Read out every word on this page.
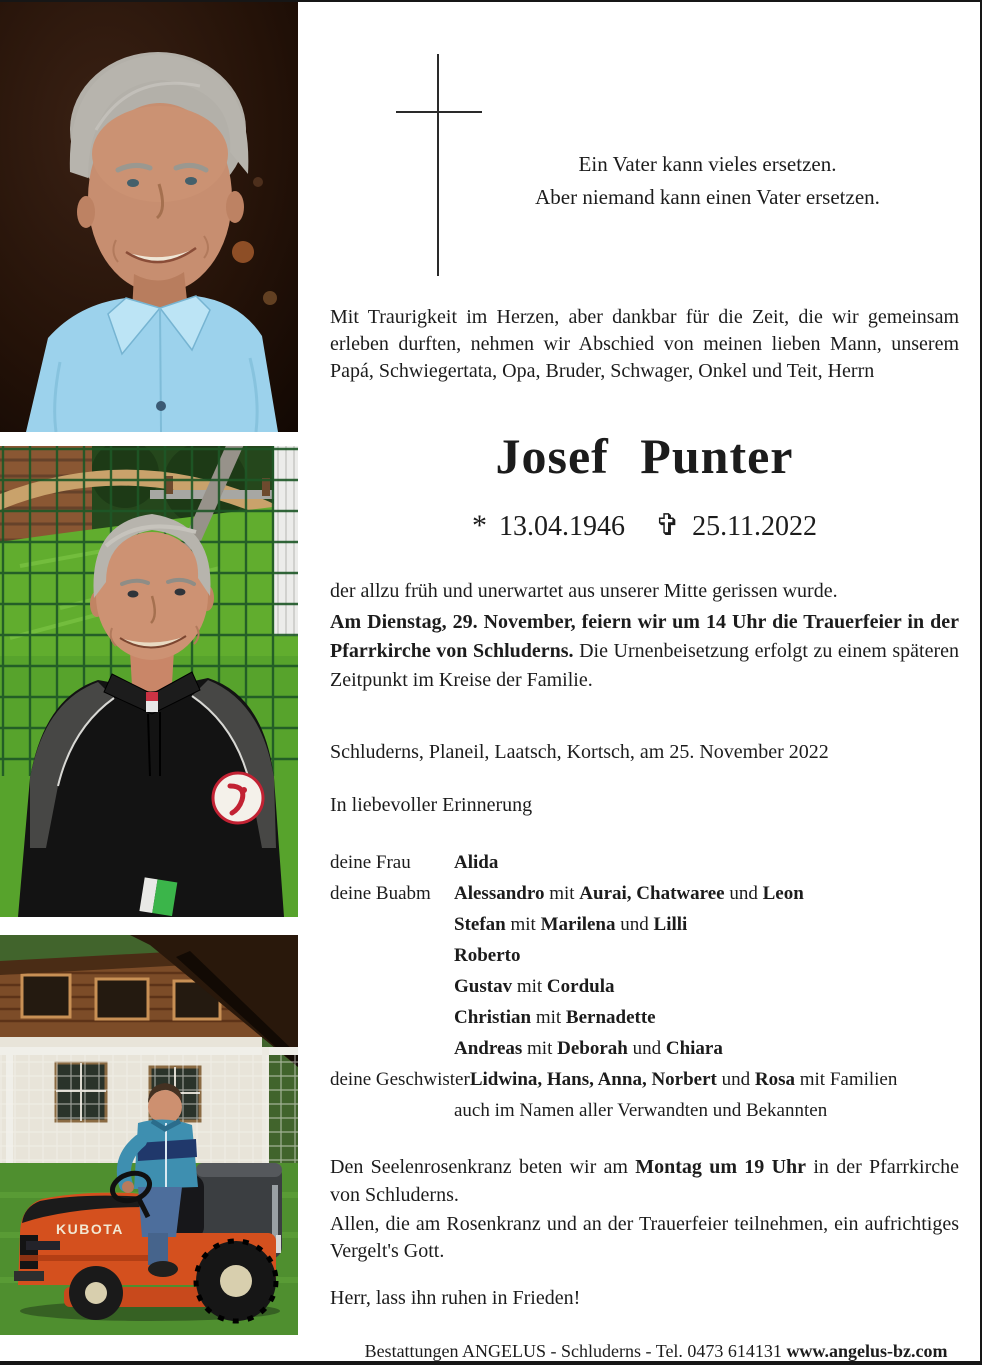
KUBOTA
Ein Vater kann vieles ersetzen.
Aber niemand kann einen Vater ersetzen.
Mit Traurigkeit im Herzen, aber dankbar für die Zeit, die wir gemeinsam erleben durften, nehmen wir Abschied von meinen lieben Mann, unserem Papá, Schwiegertata, Opa, Bruder, Schwager, Onkel und Teit, Herrn
Josef Punter
* 13.04.1946 ✞ 25.11.2022
der allzu früh und unerwartet aus unserer Mitte gerissen wurde.
Am Dienstag, 29. November, feiern wir um 14 Uhr die Trauerfeier in der Pfarrkirche von Schluderns. Die Urnenbeisetzung erfolgt zu einem späteren Zeitpunkt im Kreise der Familie.
Schluderns, Planeil, Laatsch, Kortsch, am 25. November 2022
In liebevoller Erinnerung
deine Frau	Alida
deine Buabm	Alessandro mit Aurai, Chatwaree und Leon
Stefan mit Marilena und Lilli
Roberto
Gustav mit Cordula
Christian mit Bernadette
Andreas mit Deborah und Chiara
deine Geschwister Lidwina, Hans, Anna, Norbert und Rosa mit Familien
auch im Namen aller Verwandten und Bekannten
Den Seelenrosenkranz beten wir am Montag um 19 Uhr in der Pfarrkirche von Schluderns.
Allen, die am Rosenkranz und an der Trauerfeier teilnehmen, ein aufrichtiges Vergelt's Gott.
Herr, lass ihn ruhen in Frieden!
Bestattungen ANGELUS - Schluderns - Tel. 0473 614131 www.angelus-bz.com
